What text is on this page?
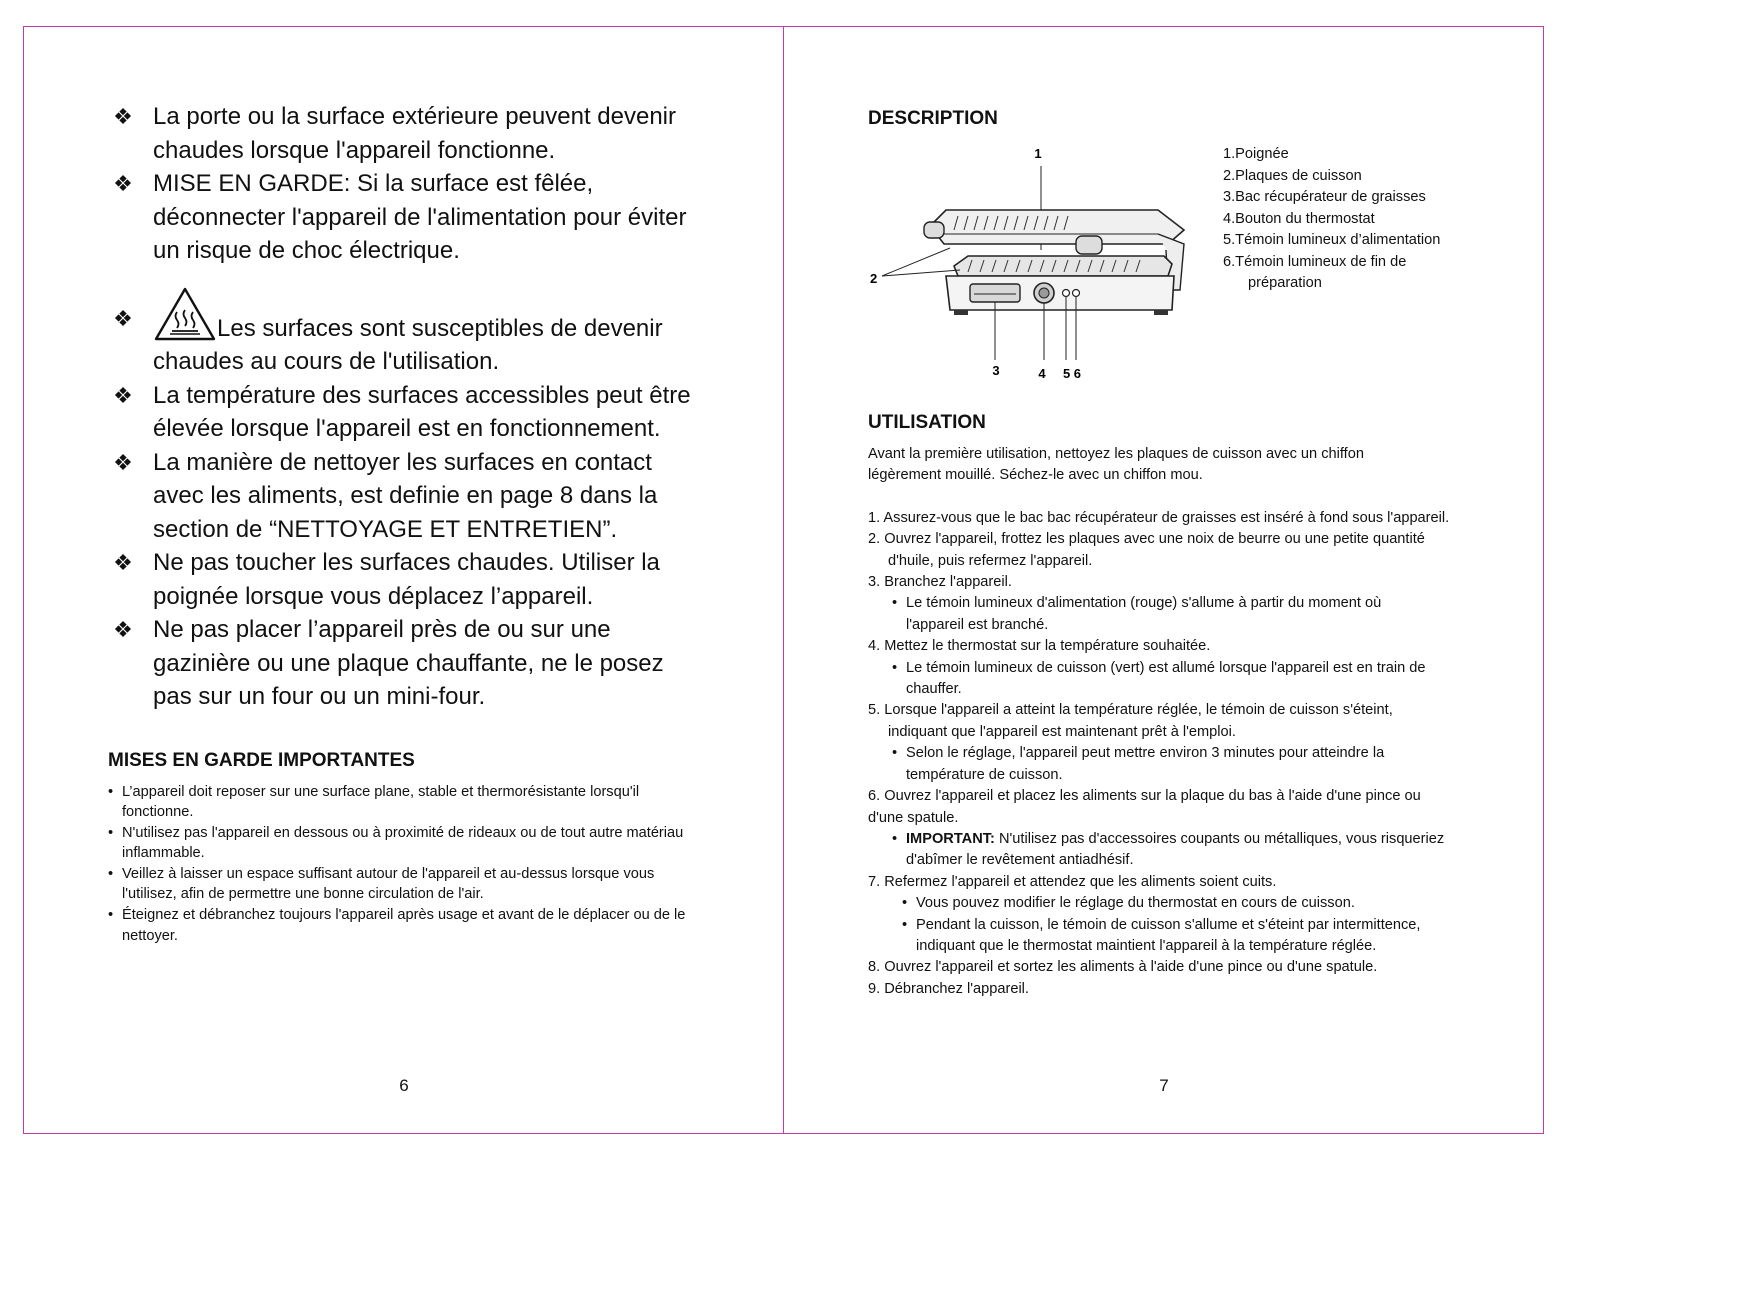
❖ La porte ou la surface extérieure peuvent devenir chaudes lorsque l'appareil fonctionne.
❖ MISE EN GARDE: Si la surface est fêlée, déconnecter l'appareil de l'alimentation pour éviter un risque de choc électrique.
❖	Les surfaces sont susceptibles de devenir chaudes au cours de l'utilisation.
❖ La température des surfaces accessibles peut être élevée lorsque l'appareil est en fonctionnement.
❖ La manière de nettoyer les surfaces en contact avec les aliments, est definie en page 8 dans la section de “NETTOYAGE ET ENTRETIEN”.
❖ Ne pas toucher les surfaces chaudes. Utiliser la poignée lorsque vous déplacez l’appareil.
❖ Ne pas placer l’appareil près de ou sur une gazinière ou une plaque chauffante, ne le posez pas sur un four ou un mini-four.
MISES EN GARDE IMPORTANTES
• L’appareil doit reposer sur une surface plane, stable et thermorésistante lorsqu'il fonctionne.
• N'utilisez pas l'appareil en dessous ou à proximité de rideaux ou de tout autre matériau inflammable.
• Veillez à laisser un espace suffisant autour de l'appareil et au-dessus lorsque vous l'utilisez, afin de permettre une bonne circulation de l'air.
• Éteignez et débranchez toujours l'appareil après usage et avant de le déplacer ou de le nettoyer.
6
DESCRIPTION
1
2
3	4 5 6
1.Poignée
2.Plaques de cuisson
3.Bac récupérateur de graisses
4.Bouton du thermostat
5.Témoin lumineux d’alimentation
6.Témoin lumineux de fin de
préparation
UTILISATION

Avant la première utilisation, nettoyez les plaques de cuisson avec un chiffon légèrement mouillé. Séchez-le avec un chiffon mou.

1. Assurez-vous que le bac bac récupérateur de graisses est inséré à fond sous l'appareil.

2. Ouvrez l'appareil, frottez les plaques avec une noix de beurre ou une petite quantité

d'huile, puis refermez l'appareil.

3. Branchez l'appareil.

• Le témoin lumineux d'alimentation (rouge) s'allume à partir du moment où
l'appareil est branché.

4. Mettez le thermostat sur la température souhaitée.

• Le témoin lumineux de cuisson (vert) est allumé lorsque l'appareil est en train de
chauffer.

5. Lorsque l'appareil a atteint la température réglée, le témoin de cuisson s'éteint,

indiquant que l'appareil est maintenant prêt à l'emploi.

• Selon le réglage, l'appareil peut mettre environ 3 minutes pour atteindre la
température de cuisson.

6. Ouvrez l'appareil et placez les aliments sur la plaque du bas à l'aide d'une pince ou

d'une spatule.

• IMPORTANT: N'utilisez pas d'accessoires coupants ou métalliques, vous risqueriez
d'abîmer le revêtement antiadhésif.

7. Refermez l'appareil et attendez que les aliments soient cuits.

• Vous pouvez modifier le réglage du thermostat en cours de cuisson.
• Pendant la cuisson, le témoin de cuisson s'allume et s'éteint par intermittence,
indiquant que le thermostat maintient l'appareil à la température réglée.

8. Ouvrez l'appareil et sortez les aliments à l'aide d'une pince ou d'une spatule.

9. Débranchez l'appareil.

7
